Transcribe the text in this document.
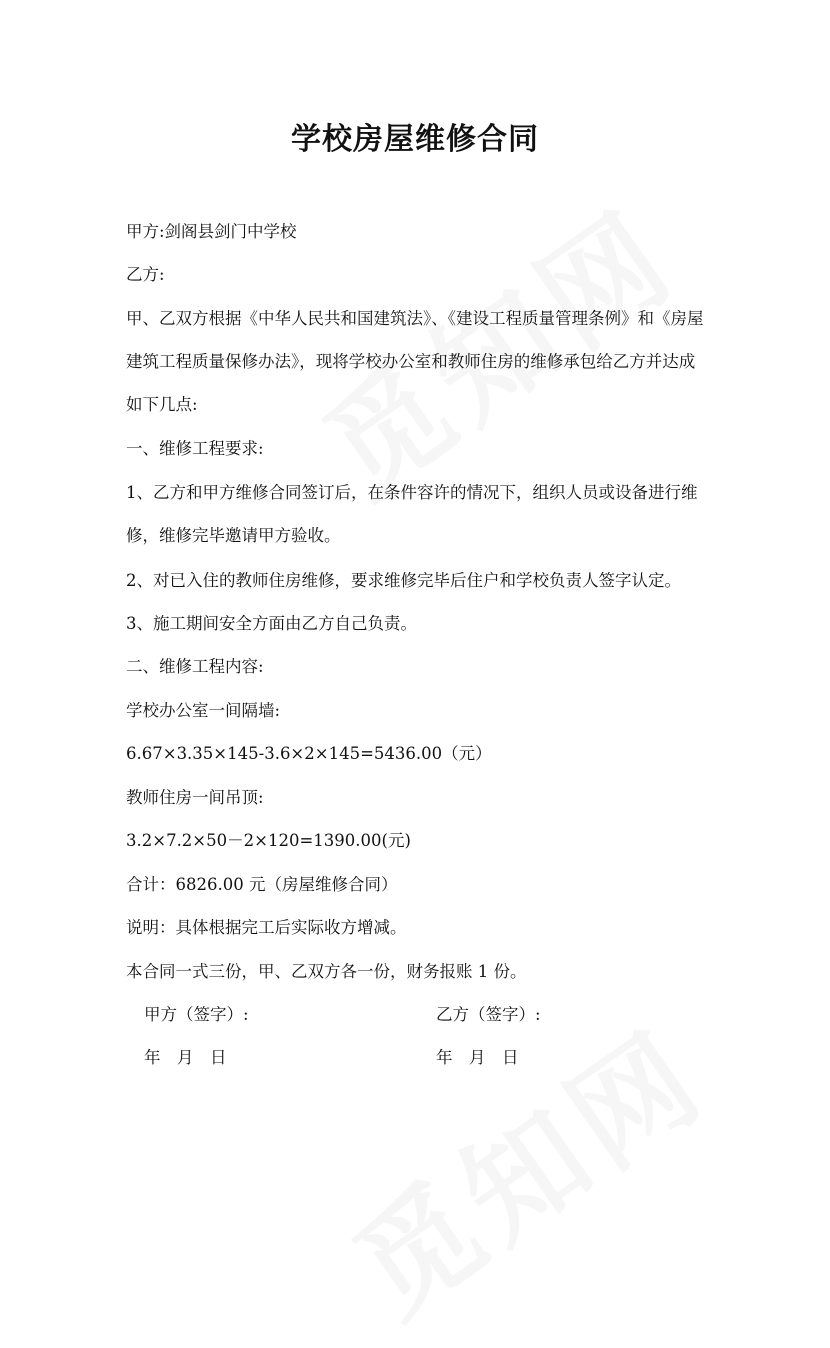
学校房屋维修合同

甲方:剑阁县剑门中学校

乙方:

甲、乙双方根据《中华人民共和国建筑法》、《建设工程质量管理条例》和《房屋

建筑工程质量保修办法》，现将学校办公室和教师住房的维修承包给乙方并达成

如下几点:

一、维修工程要求:

1、乙方和甲方维修合同签订后，在条件容许的情况下，组织人员或设备进行维

修，维修完毕邀请甲方验收。

2、对已入住的教师住房维修，要求维修完毕后住户和学校负责人签字认定。

3、施工期间安全方面由乙方自己负责。

二、维修工程内容:

学校办公室一间隔墙:

6.67×3.35×145-3.6×2×145=5436.00（元）

教师住房一间吊顶:

3.2×7.2×50－2×120=1390.00(元)

合计：6826.00 元（房屋维修合同）

说明：具体根据完工后实际收方增减。

本合同一式三份，甲、乙双方各一份，财务报账 1 份。

甲方（签字）:	乙方（签字）:
年　月　日	年　月　日
